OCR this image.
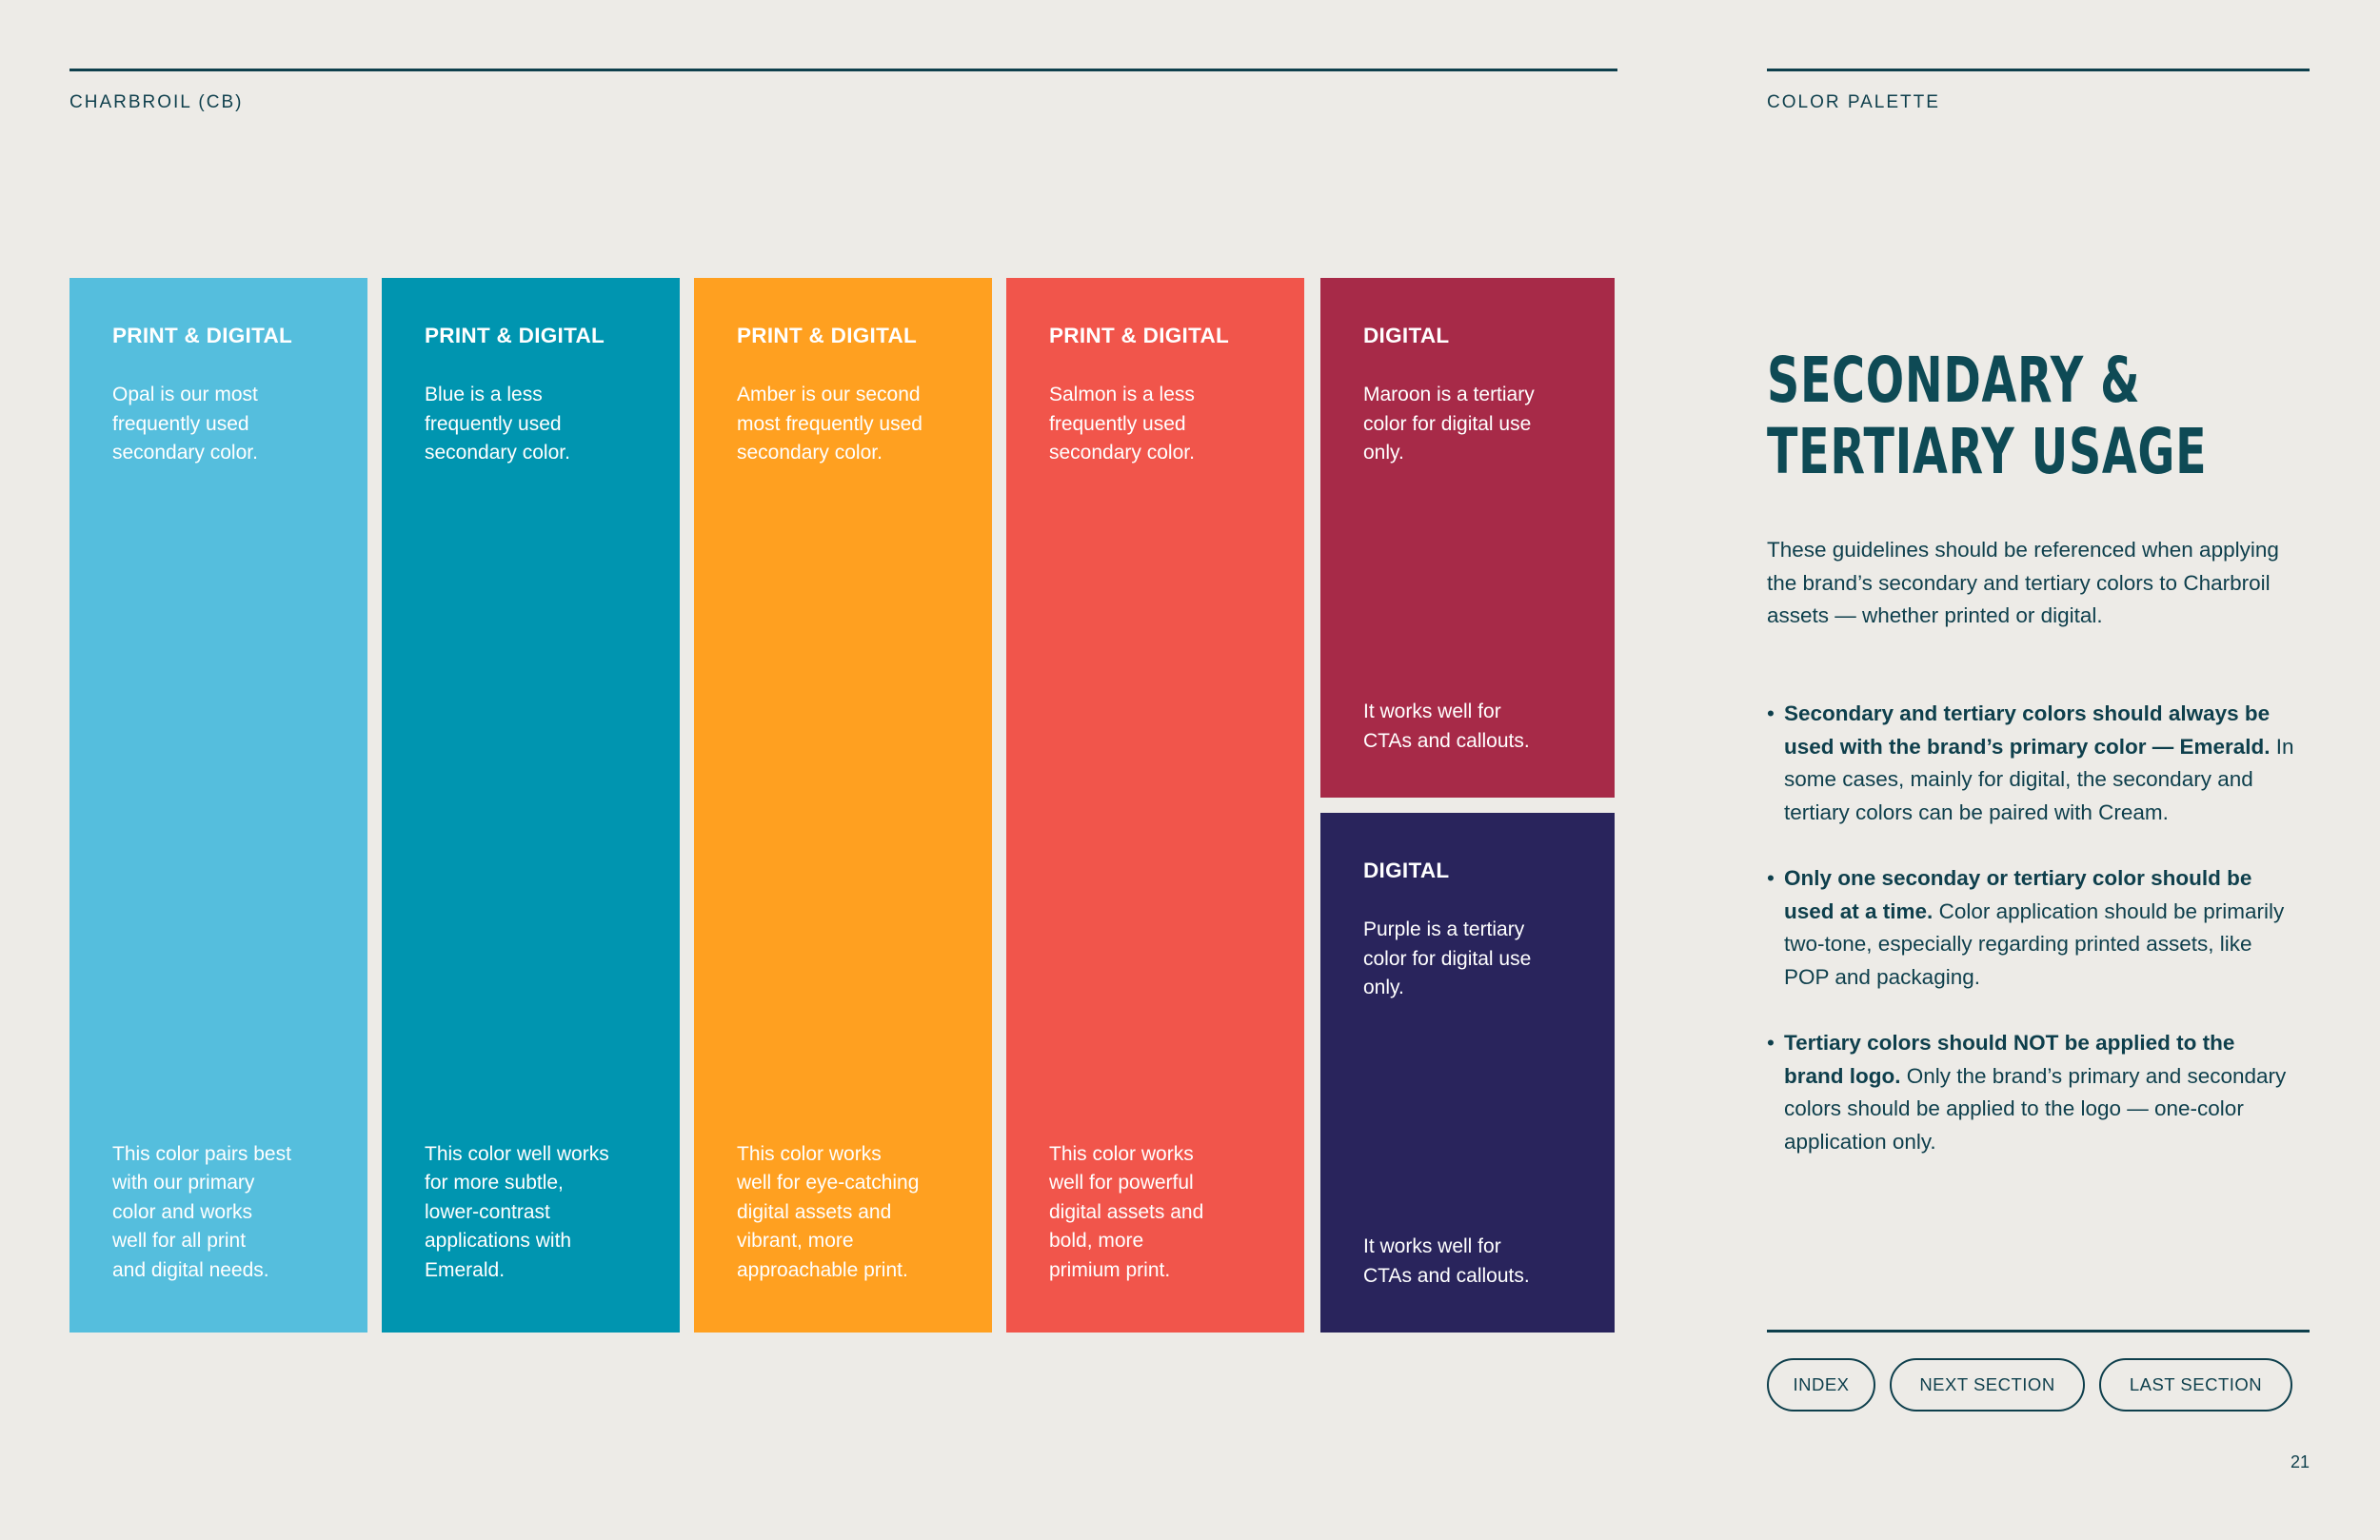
CHARBROIL (CB)	COLOR PALETTE
PRINT & DIGITAL
Opal is our most
frequently used
secondary color.
This color pairs best
with our primary
color and works
well for all print
and digital needs.
PRINT & DIGITAL
Blue is a less
frequently used
secondary color.
This color well works
for more subtle,
lower-contrast
applications with
Emerald.
PRINT & DIGITAL
Amber is our second
most frequently used
secondary color.
This color works
well for eye-catching
digital assets and
vibrant, more
approachable print.
PRINT & DIGITAL
Salmon is a less
frequently used
secondary color.
This color works
well for powerful
digital assets and
bold, more
primium print.
DIGITAL
Maroon is a tertiary
color for digital use
only.
It works well for
CTAs and callouts.
DIGITAL
Purple is a tertiary
color for digital use
only.
It works well for
CTAs and callouts.
SECONDARY &
TERTIARY USAGE
These guidelines should be referenced when applying the brand’s secondary and tertiary colors to Charbroil assets — whether printed or digital.
• Secondary and tertiary colors should always be used with the brand’s primary color — Emerald. In some cases, mainly for digital, the secondary and tertiary colors can be paired with Cream.
• Only one seconday or tertiary color should be used at a time. Color application should be primarily two-tone, especially regarding printed assets, like POP and packaging.
• Tertiary colors should NOT be applied to the brand logo. Only the brand’s primary and secondary colors should be applied to the logo — one-color application only.
INDEX	NEXT SECTION	LAST SECTION
21
